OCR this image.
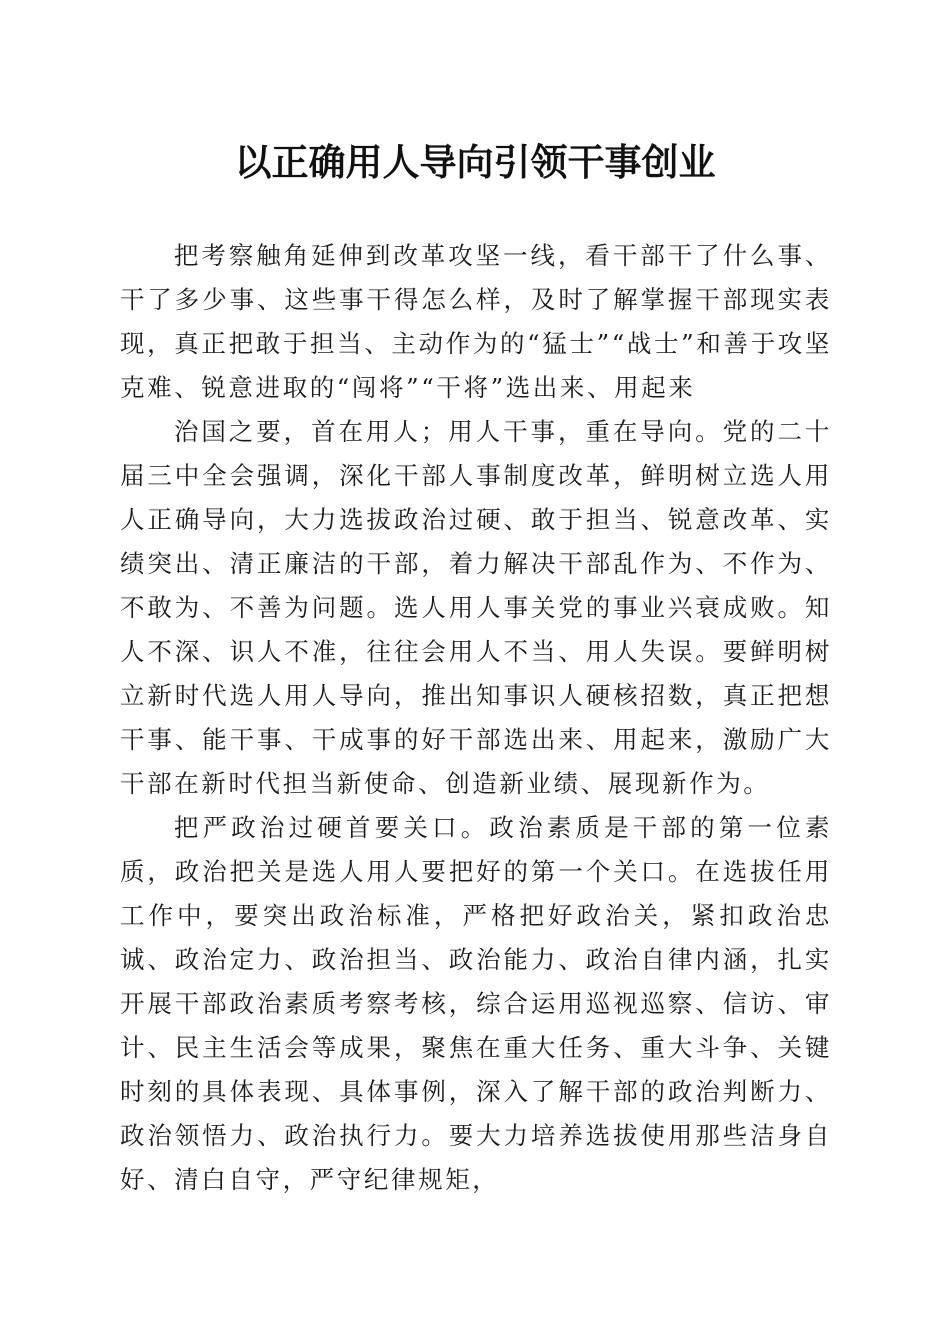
以正确用人导向引领干事创业

把考察触角延伸到改革攻坚一线，看干部干了什么事、干了多少事、这些事干得怎么样，及时了解掌握干部现实表现，真正把敢于担当、主动作为的“猛士”“战士”和善于攻坚克难、锐意进取的“闯将”“干将”选出来、用起来

治国之要，首在用人；用人干事，重在导向。党的二十届三中全会强调，深化干部人事制度改革，鲜明树立选人用人正确导向，大力选拔政治过硬、敢于担当、锐意改革、实绩突出、清正廉洁的干部，着力解决干部乱作为、不作为、不敢为、不善为问题。选人用人事关党的事业兴衰成败。知人不深、识人不准，往往会用人不当、用人失误。要鲜明树立新时代选人用人导向，推出知事识人硬核招数，真正把想干事、能干事、干成事的好干部选出来、用起来，激励广大干部在新时代担当新使命、创造新业绩、展现新作为。

把严政治过硬首要关口。政治素质是干部的第一位素质，政治把关是选人用人要把好的第一个关口。在选拔任用工作中，要突出政治标准，严格把好政治关，紧扣政治忠诚、政治定力、政治担当、政治能力、政治自律内涵，扎实开展干部政治素质考察考核，综合运用巡视巡察、信访、审计、民主生活会等成果，聚焦在重大任务、重大斗争、关键时刻的具体表现、具体事例，深入了解干部的政治判断力、政治领悟力、政治执行力。要大力培养选拔使用那些洁身自好、清白自守，严守纪律规矩，
